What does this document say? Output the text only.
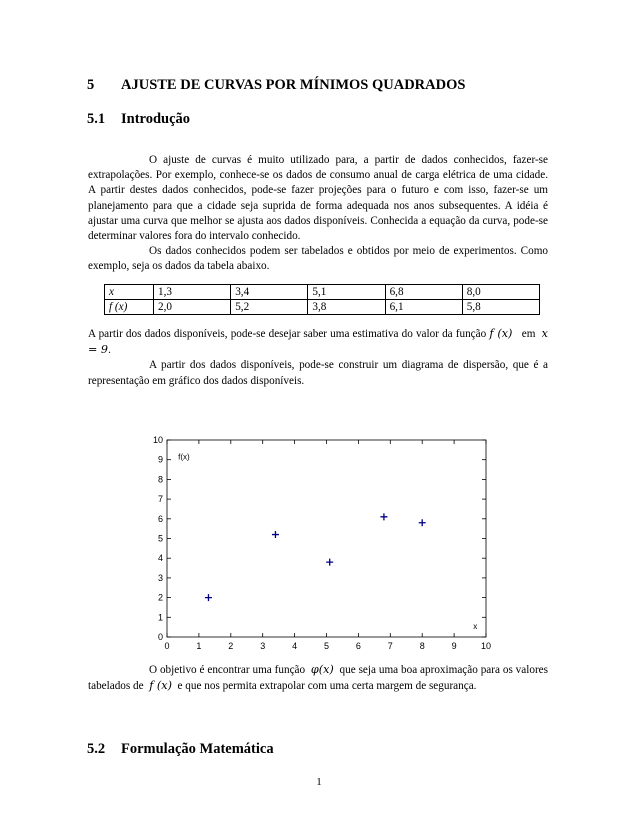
5 AJUSTE DE CURVAS POR MÍNIMOS QUADRADOS
5.1 Introdução

O ajuste de curvas é muito utilizado para, a partir de dados conhecidos, fazer-se extrapolações. Por exemplo, conhece-se os dados de consumo anual de carga elétrica de uma cidade. A partir destes dados conhecidos, pode-se fazer projeções para o futuro e com isso, fazer-se um planejamento para que a cidade seja suprida de forma adequada nos anos subsequentes. A idéia é ajustar uma curva que melhor se ajusta aos dados disponíveis. Conhecida a equação da curva, pode-se determinar valores fora do intervalo conhecido.

Os dados conhecidos podem ser tabelados e obtidos por meio de experimentos. Como exemplo, seja os dados da tabela abaixo.

x	1,3	3,4	5,1	6,8	8,0
f (x)	2,0	5,2	3,8	6,1	5,8

A partir dos dados disponíveis, pode-se desejar saber uma estimativa do valor da função f (x) em x = 9.

A partir dos dados disponíveis, pode-se construir um diagrama de dispersão, que é a representação em gráfico dos dados disponíveis.

0	1	2	3	4	5	6	7	8	9	10
0
1
2
3
4
5
6
7
8
9
10
f(x)
x

O objetivo é encontrar uma função φ(x) que seja uma boa aproximação para os valores tabelados de f (x) e que nos permita extrapolar com uma certa margem de segurança.

5.2 Formulação Matemática
1
